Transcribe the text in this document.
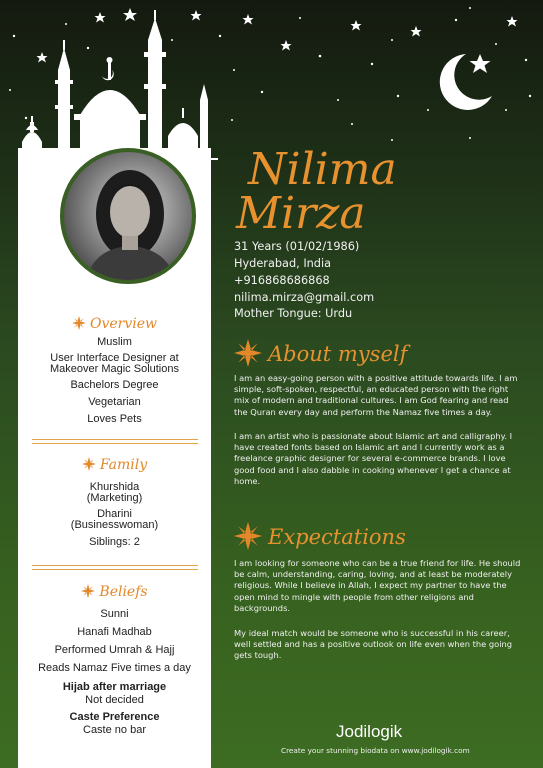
Overview
Muslim
User Interface Designer at
Makeover Magic Solutions
Bachelors Degree
Vegetarian
Loves Pets
Family
Khurshida
(Marketing)
Dharini
(Businesswoman)
Siblings: 2
Beliefs
Sunni
Hanafi Madhab
Performed Umrah & Hajj
Reads Namaz Five times a day
Hijab after marriage
Not decided
Caste Preference
Caste no bar
Nilima
Mirza
31 Years (01/02/1986)
Hyderabad, India
+916868686868
nilima.mirza@gmail.com
Mother Tongue: Urdu
About myself
I am an easy-going person with a positive attitude towards life. I am simple, soft-spoken, respectful, an educated person with the right mix of modern and traditional cultures. I am God fearing and read the Quran every day and perform the Namaz five times a day.
I am an artist who is passionate about Islamic art and calligraphy. I have created fonts based on Islamic art and I currently work as a freelance graphic designer for several e-commerce brands. I love good food and I also dabble in cooking whenever I get a chance at home.
Expectations
I am looking for someone who can be a true friend for life. He should be calm, understanding, caring, loving, and at least be moderately religious. While I believe in Allah, I expect my partner to have the open mind to mingle with people from other religions and backgrounds.
My ideal match would be someone who is successful in his career, well settled and has a positive outlook on life even when the going gets tough.
Jodilogik
Create your stunning biodata on www.jodilogik.com
